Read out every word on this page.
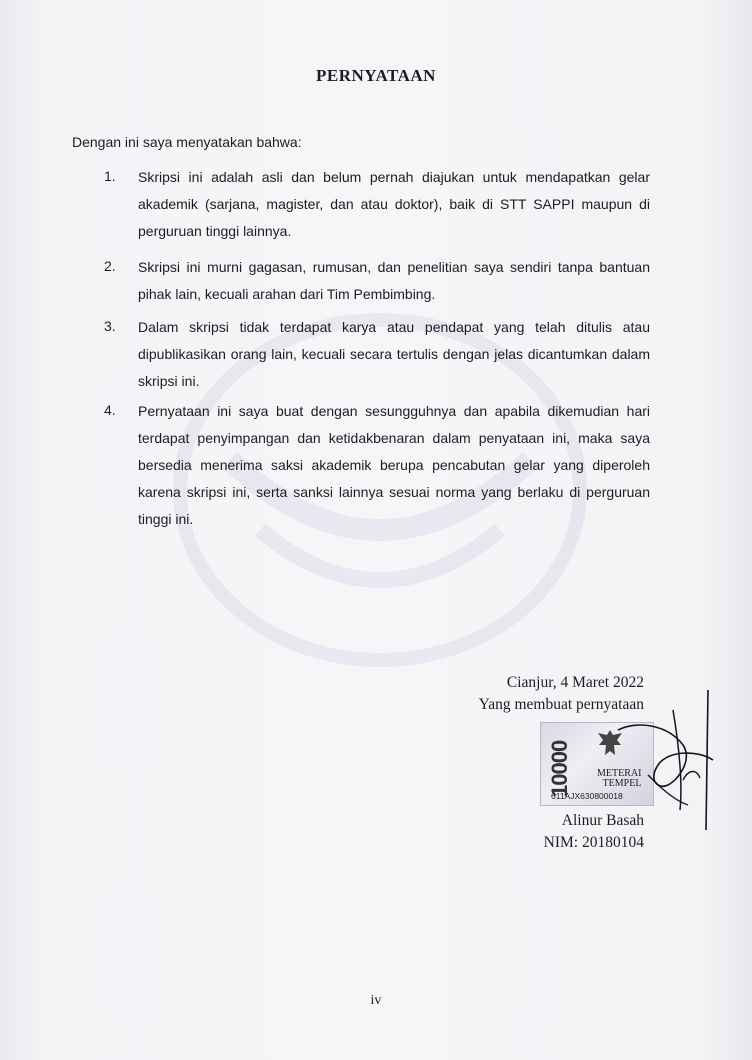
PERNYATAAN
Dengan ini saya menyatakan bahwa:
1.	Skripsi ini adalah asli dan belum pernah diajukan untuk mendapatkan gelar akademik (sarjana, magister, dan atau doktor), baik di STT SAPPI maupun di perguruan tinggi lainnya.
2.	Skripsi ini murni gagasan, rumusan, dan penelitian saya sendiri tanpa bantuan pihak lain, kecuali arahan dari Tim Pembimbing.
3.	Dalam skripsi tidak terdapat karya atau pendapat yang telah ditulis atau dipublikasikan orang lain, kecuali secara tertulis dengan jelas dicantumkan dalam skripsi ini.
4.	Pernyataan ini saya buat dengan sesungguhnya dan apabila dikemudian hari terdapat penyimpangan dan ketidakbenaran dalam penyataan ini, maka saya bersedia menerima saksi akademik berupa pencabutan gelar yang diperoleh karena skripsi ini, serta sanksi lainnya sesuai norma yang berlaku di perguruan tinggi ini.
Cianjur, 4 Maret 2022
Yang membuat pernyataan
10000	METERAI
TEMPEL
611AJX630800018
Alinur Basah
NIM: 20180104
iv
